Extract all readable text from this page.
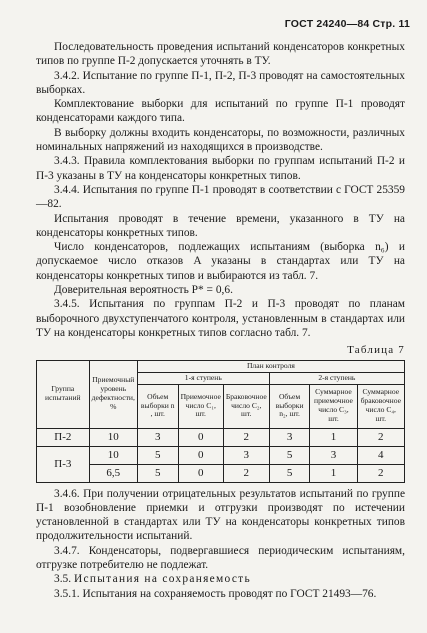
ГОСТ 24240—84 Стр. 11

Последовательность проведения испытаний конденсаторов конкретных типов по группе П-2 допускается уточнять в ТУ.

3.4.2. Испытание по группе П-1, П-2, П-3 проводят на самостоятельных выборках.

Комплектование выборки для испытаний по группе П-1 проводят конденсаторами каждого типа.

В выборку должны входить конденсаторы, по возможности, различных номинальных напряжений из находящихся в производстве.

3.4.3. Правила комплектования выборки по группам испытаний П-2 и П-3 указаны в ТУ на конденсаторы конкретных типов.

3.4.4. Испытания по группе П-1 проводят в соответствии с ГОСТ 25359—82.

Испытания проводят в течение времени, указанного в ТУ на конденсаторы конкретных типов.

Число конденсаторов, подлежащих испытаниям (выборка n₆) и допускаемое число отказов A указаны в стандартах или ТУ на конденсаторы конкретных типов и выбираются из табл. 7.

Доверительная вероятность P* = 0,6.

3.4.5. Испытания по группам П-2 и П-3 проводят по планам выборочного двухступенчатого контроля, установленным в стандартах или ТУ на конденсаторы конкретных типов согласно табл. 7.

Таблица 7
Группа испытаний	Приемочный уровень дефектности, %	План контроля					
		1-я ступень			2-я ступень		
		Объем выборки n , шт.	Приемочное число C₁, шт.	Браковочное число C₂, шт.	Объем выборки n₂, шт.	Суммарное приемочное число C₃, шт.	Суммарное браковочное число C₄, шт.
П-2	10	3	0	2	3	1	2
П-3	10	5	0	3	5	3	4
	6,5	5	0	2	5	1	2

3.4.6. При получении отрицательных результатов испытаний по группе П-1 возобновление приемки и отгрузки производят по истечении установленной в стандартах или ТУ на конденсаторы конкретных типов продолжительности испытаний.

3.4.7. Конденсаторы, подвергавшиеся периодическим испытаниям, отгрузке потребителю не подлежат.

3.5. Испытания на сохраняемость

3.5.1. Испытания на сохраняемость проводят по ГОСТ 21493—76.
